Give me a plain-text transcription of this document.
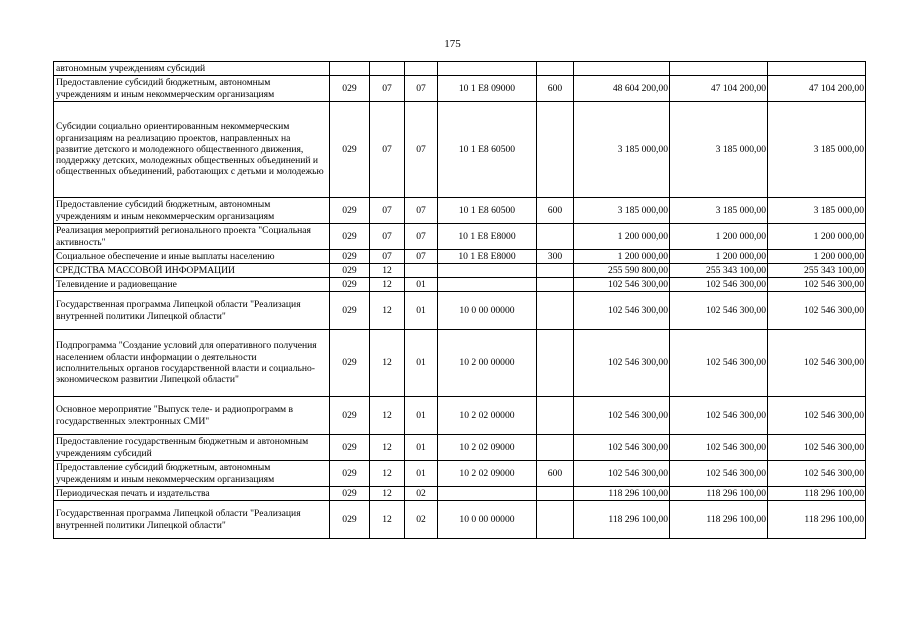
175
автономным учреждениям субсидий								
Предоставление субсидий бюджетным, автономным учреждениям и иным некоммерческим организациям	029	07	07	10 1 E8 09000	600	48 604 200,00	47 104 200,00	47 104 200,00
Субсидии социально ориентированным некоммерческим организациям на реализацию проектов, направленных на развитие детского и молодежного общественного движения, поддержку детских, молодежных общественных объединений и общественных объединений, работающих с детьми и молодежью	029	07	07	10 1 E8 60500		3 185 000,00	3 185 000,00	3 185 000,00
Предоставление субсидий бюджетным, автономным учреждениям и иным некоммерческим организациям	029	07	07	10 1 E8 60500	600	3 185 000,00	3 185 000,00	3 185 000,00
Реализация мероприятий регионального проекта "Социальная активность"	029	07	07	10 1 E8 E8000		1 200 000,00	1 200 000,00	1 200 000,00
Социальное обеспечение и иные выплаты населению	029	07	07	10 1 E8 E8000	300	1 200 000,00	1 200 000,00	1 200 000,00
СРЕДСТВА МАССОВОЙ ИНФОРМАЦИИ	029	12				255 590 800,00	255 343 100,00	255 343 100,00
Телевидение и радиовещание	029	12	01			102 546 300,00	102 546 300,00	102 546 300,00
Государственная программа Липецкой области "Реализация внутренней политики Липецкой области"	029	12	01	10 0 00 00000		102 546 300,00	102 546 300,00	102 546 300,00
Подпрограмма "Создание условий для оперативного получения населением области информации о деятельности исполнительных органов государственной власти и социально-экономическом развитии Липецкой области"	029	12	01	10 2 00 00000		102 546 300,00	102 546 300,00	102 546 300,00
Основное мероприятие "Выпуск теле- и радиопрограмм в государственных электронных СМИ"	029	12	01	10 2 02 00000		102 546 300,00	102 546 300,00	102 546 300,00
Предоставление государственным бюджетным и автономным учреждениям субсидий	029	12	01	10 2 02 09000		102 546 300,00	102 546 300,00	102 546 300,00
Предоставление субсидий бюджетным, автономным учреждениям и иным некоммерческим организациям	029	12	01	10 2 02 09000	600	102 546 300,00	102 546 300,00	102 546 300,00
Периодическая печать и издательства	029	12	02			118 296 100,00	118 296 100,00	118 296 100,00
Государственная программа Липецкой области "Реализация внутренней политики Липецкой области"	029	12	02	10 0 00 00000		118 296 100,00	118 296 100,00	118 296 100,00
